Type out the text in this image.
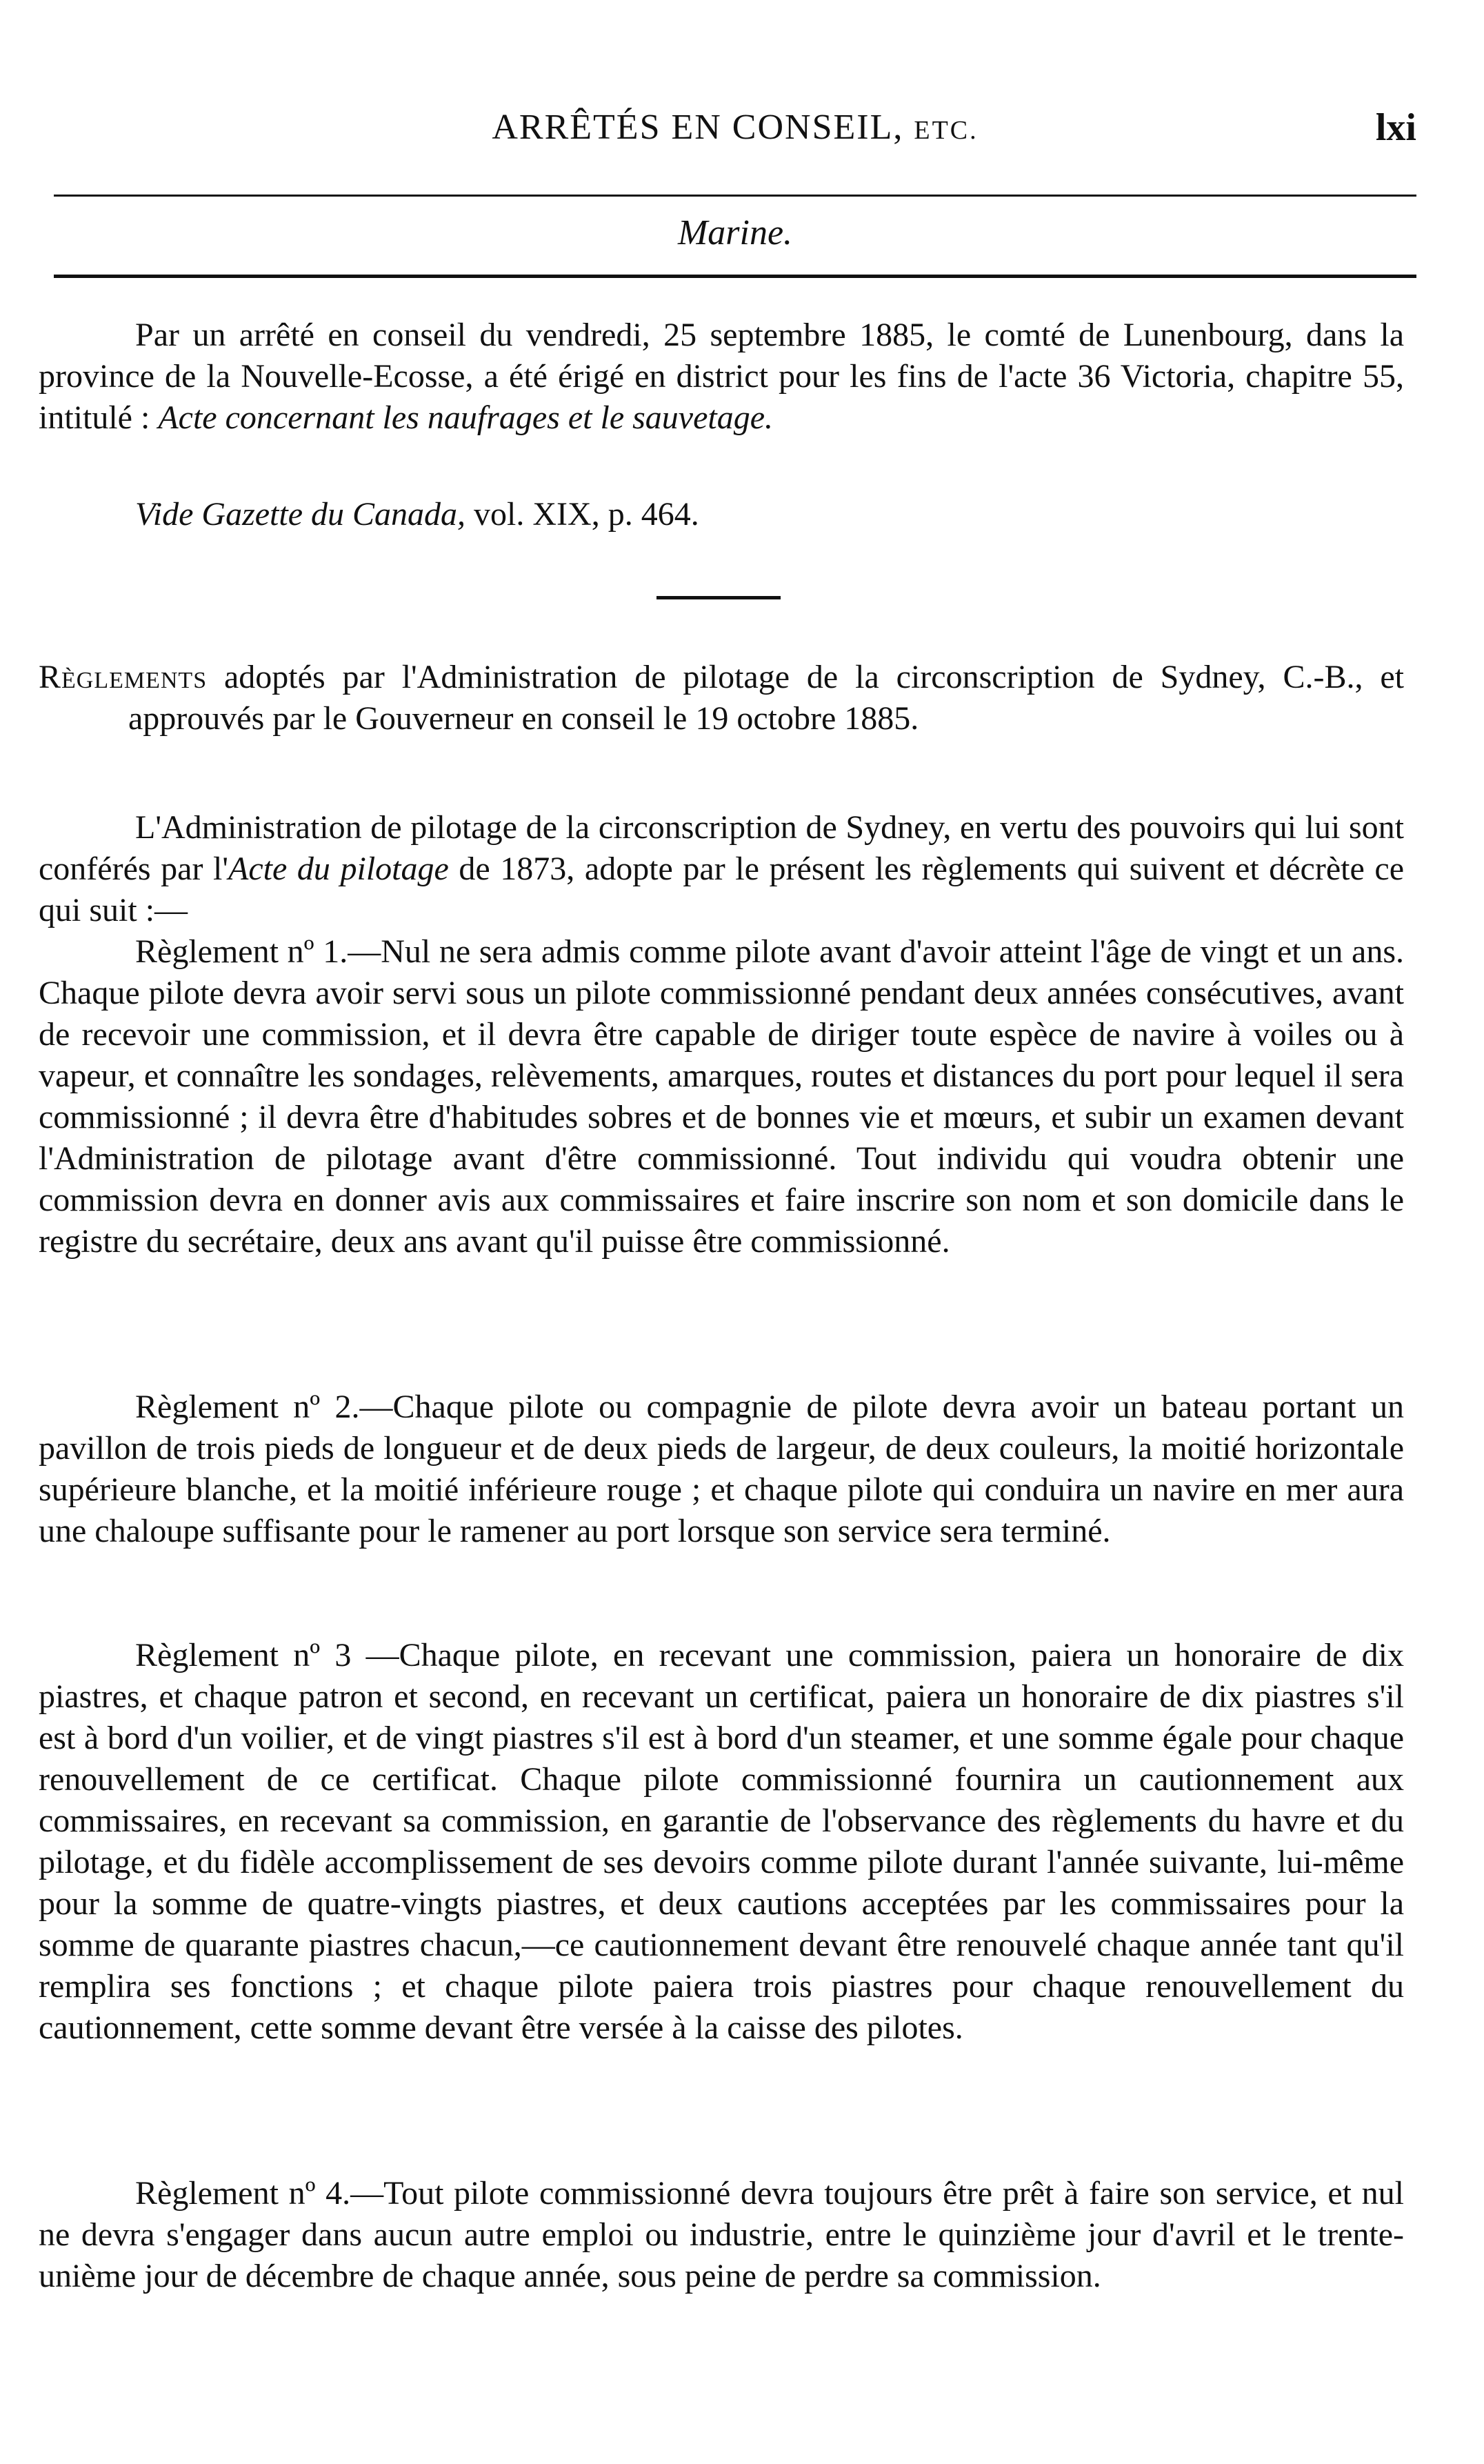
ARRÊTÉS EN CONSEIL, ETC.	lxi
Marine.
Par un arrêté en conseil du vendredi, 25 septembre 1885, le comté de Lunenbourg, dans la province de la Nouvelle-Ecosse, a été érigé en district pour les fins de l'acte 36 Victoria, chapitre 55, intitulé : Acte concernant les naufrages et le sauvetage.
Vide Gazette du Canada, vol. XIX, p. 464.
Règlements adoptés par l'Administration de pilotage de la circonscription de Sydney, C.-B., et approuvés par le Gouverneur en conseil le 19 octobre 1885.
L'Administration de pilotage de la circonscription de Sydney, en vertu des pouvoirs qui lui sont conférés par l'Acte du pilotage de 1873, adopte par le présent les règlements qui suivent et décrète ce qui suit :—
Règlement nº 1.—Nul ne sera admis comme pilote avant d'avoir atteint l'âge de vingt et un ans. Chaque pilote devra avoir servi sous un pilote commissionné pendant deux années consécutives, avant de recevoir une commission, et il devra être capable de diriger toute espèce de navire à voiles ou à vapeur, et connaître les sondages, relèvements, amarques, routes et distances du port pour lequel il sera commissionné ; il devra être d'habitudes sobres et de bonnes vie et mœurs, et subir un examen devant l'Administration de pilotage avant d'être commissionné. Tout individu qui voudra obtenir une commission devra en donner avis aux commissaires et faire inscrire son nom et son domicile dans le registre du secrétaire, deux ans avant qu'il puisse être commissionné.
Règlement nº 2.—Chaque pilote ou compagnie de pilote devra avoir un bateau portant un pavillon de trois pieds de longueur et de deux pieds de largeur, de deux couleurs, la moitié horizontale supérieure blanche, et la moitié inférieure rouge ; et chaque pilote qui conduira un navire en mer aura une chaloupe suffisante pour le ramener au port lorsque son service sera terminé.
Règlement nº 3 —Chaque pilote, en recevant une commission, paiera un honoraire de dix piastres, et chaque patron et second, en recevant un certificat, paiera un honoraire de dix piastres s'il est à bord d'un voilier, et de vingt piastres s'il est à bord d'un steamer, et une somme égale pour chaque renouvellement de ce certificat. Chaque pilote commissionné fournira un cautionnement aux commissaires, en recevant sa commission, en garantie de l'observance des règlements du havre et du pilotage, et du fidèle accomplissement de ses devoirs comme pilote durant l'année suivante, lui-même pour la somme de quatre-vingts piastres, et deux cautions acceptées par les commissaires pour la somme de quarante piastres chacun,—ce cautionnement devant être renouvelé chaque année tant qu'il remplira ses fonctions ; et chaque pilote paiera trois piastres pour chaque renouvellement du cautionnement, cette somme devant être versée à la caisse des pilotes.
Règlement nº 4.—Tout pilote commissionné devra toujours être prêt à faire son service, et nul ne devra s'engager dans aucun autre emploi ou industrie, entre le quinzième jour d'avril et le trente-unième jour de décembre de chaque année, sous peine de perdre sa commission.
